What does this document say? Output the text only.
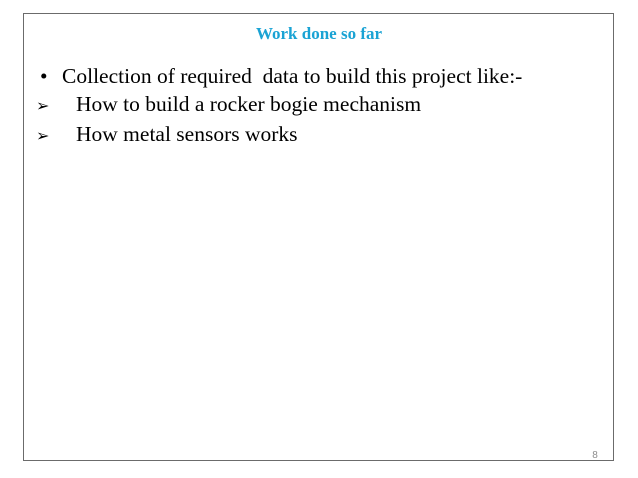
Work done so far
• Collection of required  data to build this project like:-
➢	How to build a rocker bogie mechanism
➢	How metal sensors works
8
